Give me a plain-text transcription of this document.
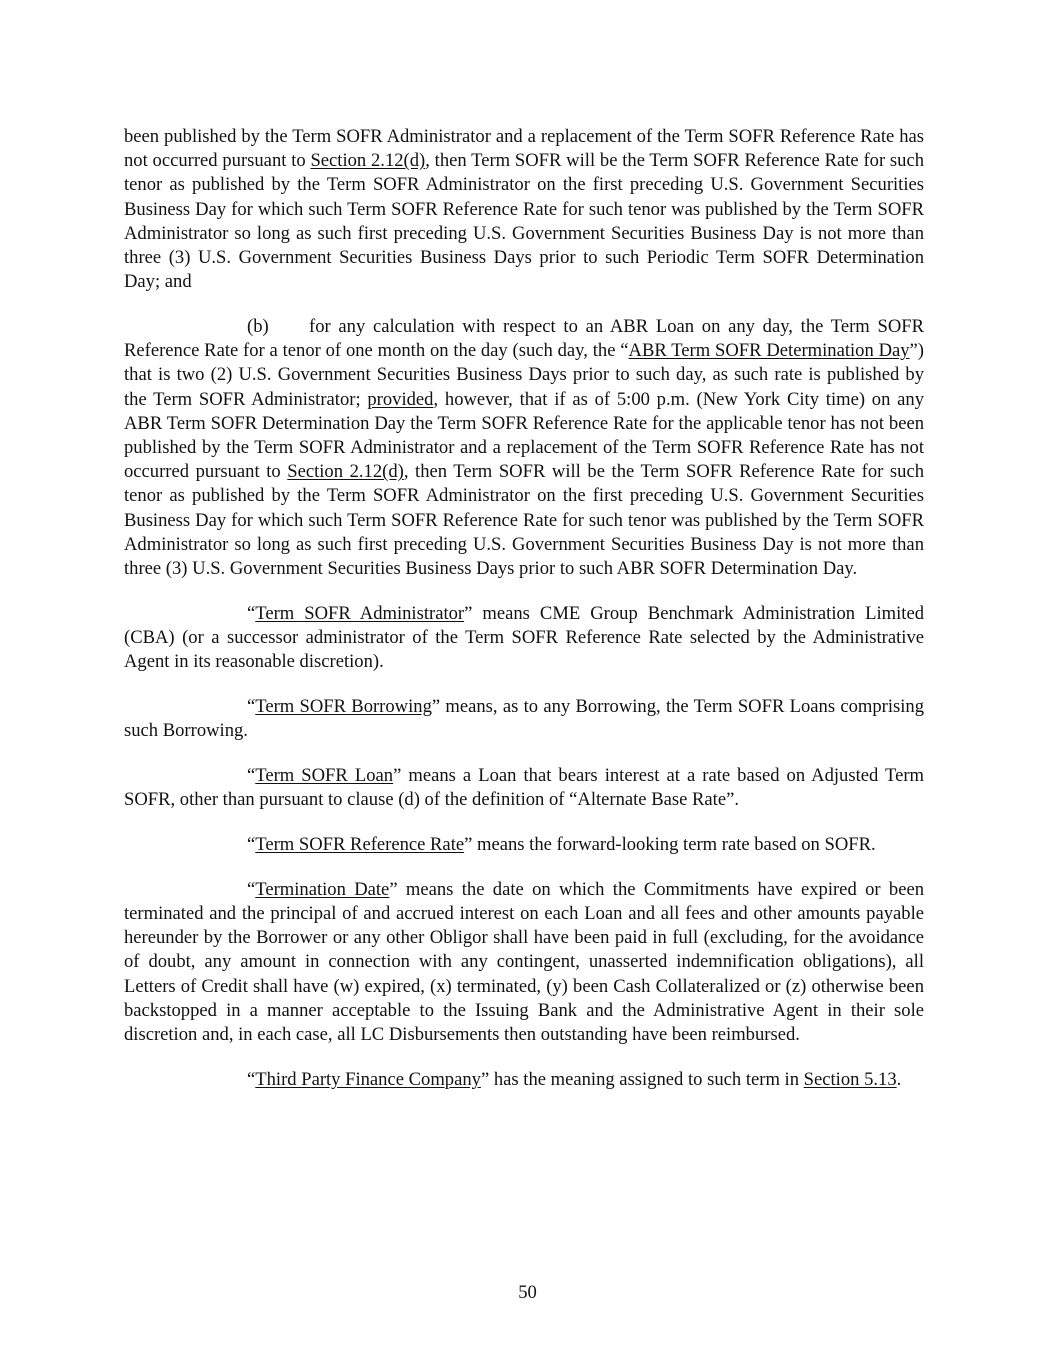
been published by the Term SOFR Administrator and a replacement of the Term SOFR Reference Rate has not occurred pursuant to Section 2.12(d), then Term SOFR will be the Term SOFR Reference Rate for such tenor as published by the Term SOFR Administrator on the first preceding U.S. Government Securities Business Day for which such Term SOFR Reference Rate for such tenor was published by the Term SOFR Administrator so long as such first preceding U.S. Government Securities Business Day is not more than three (3) U.S. Government Securities Business Days prior to such Periodic Term SOFR Determination Day; and

(b) for any calculation with respect to an ABR Loan on any day, the Term SOFR Reference Rate for a tenor of one month on the day (such day, the “ABR Term SOFR Determination Day”) that is two (2) U.S. Government Securities Business Days prior to such day, as such rate is published by the Term SOFR Administrator; provided, however, that if as of 5:00 p.m. (New York City time) on any ABR Term SOFR Determination Day the Term SOFR Reference Rate for the applicable tenor has not been published by the Term SOFR Administrator and a replacement of the Term SOFR Reference Rate has not occurred pursuant to Section 2.12(d), then Term SOFR will be the Term SOFR Reference Rate for such tenor as published by the Term SOFR Administrator on the first preceding U.S. Government Securities Business Day for which such Term SOFR Reference Rate for such tenor was published by the Term SOFR Administrator so long as such first preceding U.S. Government Securities Business Day is not more than three (3) U.S. Government Securities Business Days prior to such ABR SOFR Determination Day.

“Term SOFR Administrator” means CME Group Benchmark Administration Limited (CBA) (or a successor administrator of the Term SOFR Reference Rate selected by the Administrative Agent in its reasonable discretion).

“Term SOFR Borrowing” means, as to any Borrowing, the Term SOFR Loans comprising such Borrowing.

“Term SOFR Loan” means a Loan that bears interest at a rate based on Adjusted Term SOFR, other than pursuant to clause (d) of the definition of “Alternate Base Rate”.

“Term SOFR Reference Rate” means the forward-looking term rate based on SOFR.

“Termination Date” means the date on which the Commitments have expired or been terminated and the principal of and accrued interest on each Loan and all fees and other amounts payable hereunder by the Borrower or any other Obligor shall have been paid in full (excluding, for the avoidance of doubt, any amount in connection with any contingent, unasserted indemnification obligations), all Letters of Credit shall have (w) expired, (x) terminated, (y) been Cash Collateralized or (z) otherwise been backstopped in a manner acceptable to the Issuing Bank and the Administrative Agent in their sole discretion and, in each case, all LC Disbursements then outstanding have been reimbursed.

“Third Party Finance Company” has the meaning assigned to such term in Section 5.13.

50
